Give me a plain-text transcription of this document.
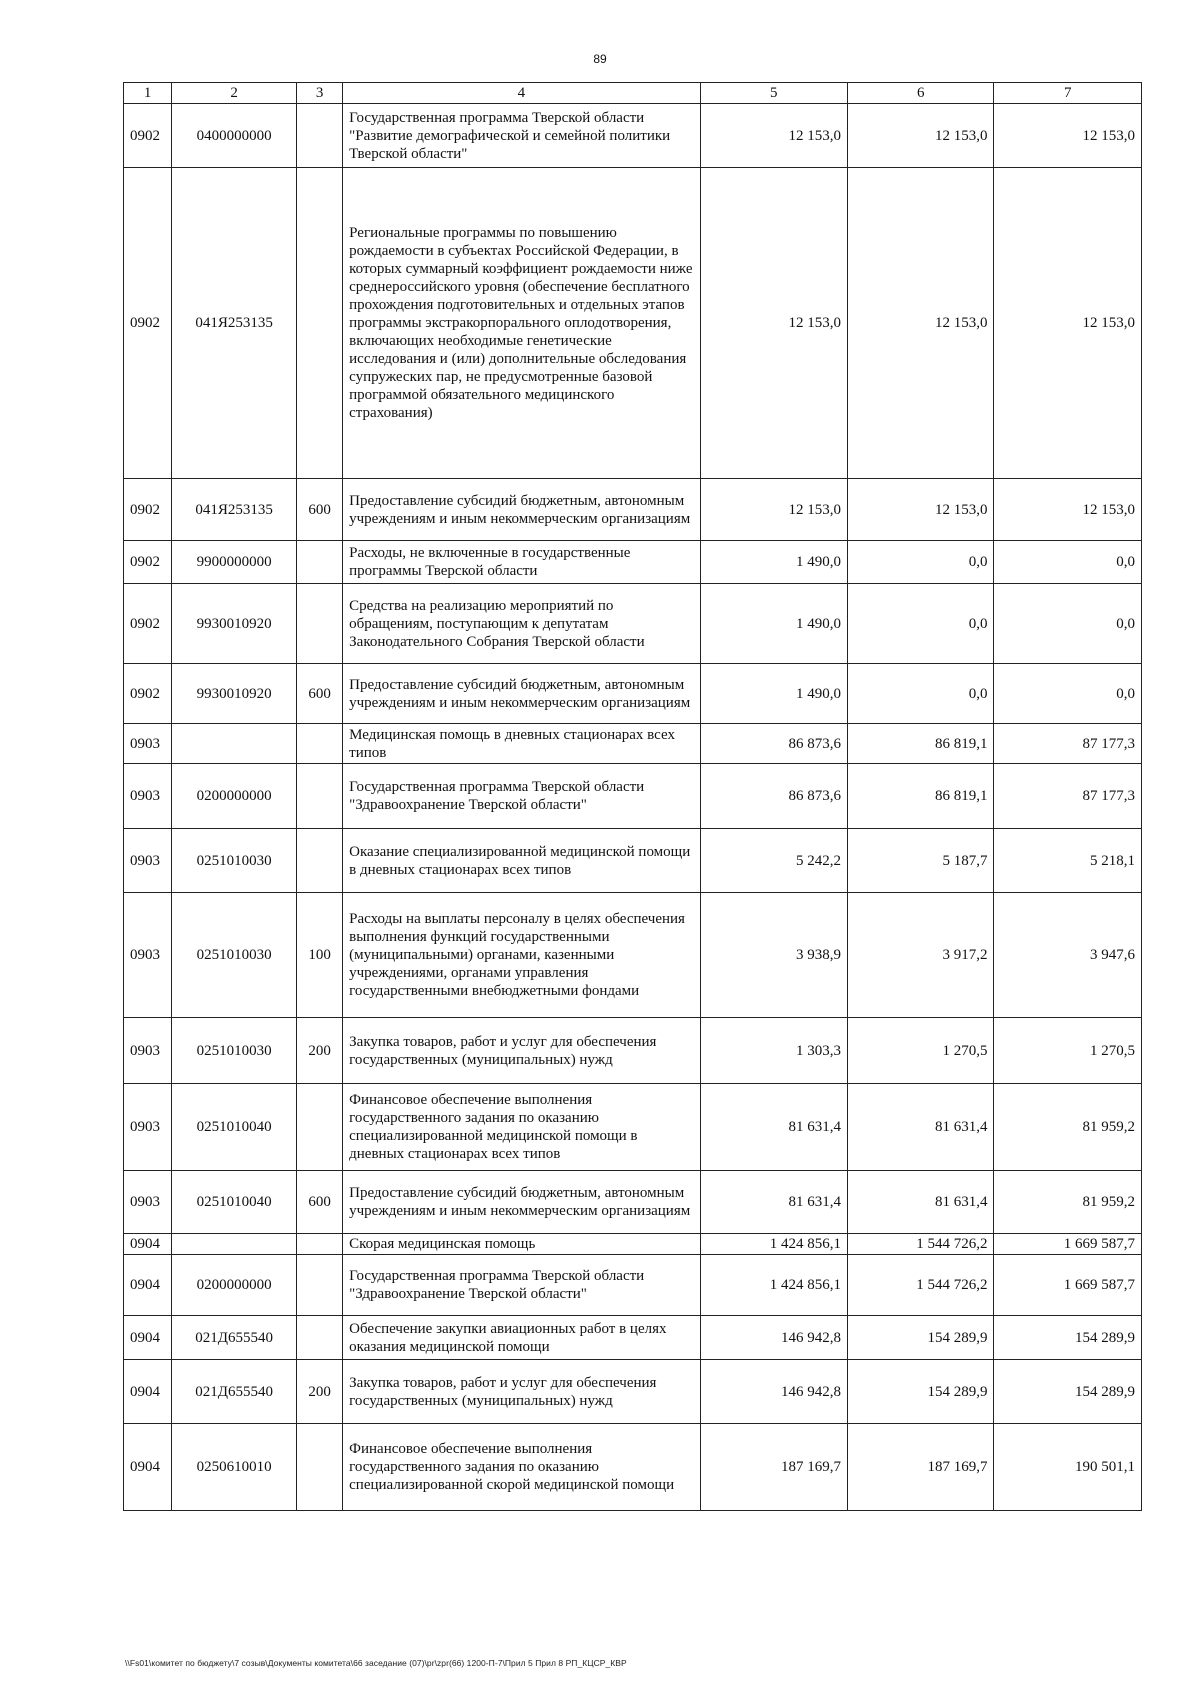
89
1	2	3	4	5	6	7
0902	0400000000		Государственная программа Тверской области "Развитие демографической и семейной политики Тверской области"	12 153,0	12 153,0	12 153,0
0902	041Я253135		Региональные программы по повышению рождаемости в субъектах Российской Федерации, в которых суммарный коэффициент рождаемости ниже среднероссийского уровня (обеспечение бесплатного прохождения подготовительных и отдельных этапов программы экстракорпорального оплодотворения, включающих необходимые генетические исследования и (или) дополнительные обследования супружеских пар, не предусмотренные базовой программой обязательного медицинского страхования)	12 153,0	12 153,0	12 153,0
0902	041Я253135	600	Предоставление субсидий бюджетным, автономным учреждениям и иным некоммерческим организациям	12 153,0	12 153,0	12 153,0
0902	9900000000		Расходы, не включенные в государственные программы Тверской области	1 490,0	0,0	0,0
0902	9930010920		Средства на реализацию мероприятий по обращениям, поступающим к депутатам Законодательного Собрания Тверской области	1 490,0	0,0	0,0
0902	9930010920	600	Предоставление субсидий бюджетным, автономным учреждениям и иным некоммерческим организациям	1 490,0	0,0	0,0
0903			Медицинская помощь в дневных стационарах всех типов	86 873,6	86 819,1	87 177,3
0903	0200000000		Государственная программа Тверской области "Здравоохранение Тверской области"	86 873,6	86 819,1	87 177,3
0903	0251010030		Оказание специализированной медицинской помощи в дневных стационарах всех типов	5 242,2	5 187,7	5 218,1
0903	0251010030	100	Расходы на выплаты персоналу в целях обеспечения выполнения функций государственными (муниципальными) органами, казенными учреждениями, органами управления государственными внебюджетными фондами	3 938,9	3 917,2	3 947,6
0903	0251010030	200	Закупка товаров, работ и услуг для обеспечения государственных (муниципальных) нужд	1 303,3	1 270,5	1 270,5
0903	0251010040		Финансовое обеспечение выполнения государственного задания по оказанию специализированной медицинской помощи в дневных стационарах всех типов	81 631,4	81 631,4	81 959,2
0903	0251010040	600	Предоставление субсидий бюджетным, автономным учреждениям и иным некоммерческим организациям	81 631,4	81 631,4	81 959,2
0904			Скорая медицинская помощь	1 424 856,1	1 544 726,2	1 669 587,7
0904	0200000000		Государственная программа Тверской области "Здравоохранение Тверской области"	1 424 856,1	1 544 726,2	1 669 587,7
0904	021Д655540		Обеспечение закупки авиационных работ в целях оказания медицинской помощи	146 942,8	154 289,9	154 289,9
0904	021Д655540	200	Закупка товаров, работ и услуг для обеспечения государственных (муниципальных) нужд	146 942,8	154 289,9	154 289,9
0904	0250610010		Финансовое обеспечение выполнения государственного задания по оказанию специализированной скорой медицинской помощи	187 169,7	187 169,7	190 501,1
\\Fs01\комитет по бюджету\7 созыв\Документы комитета\66 заседание (07)\pr\zpr(66) 1200-П-7\Прил 5 Прил 8 РП_КЦСР_КВР
